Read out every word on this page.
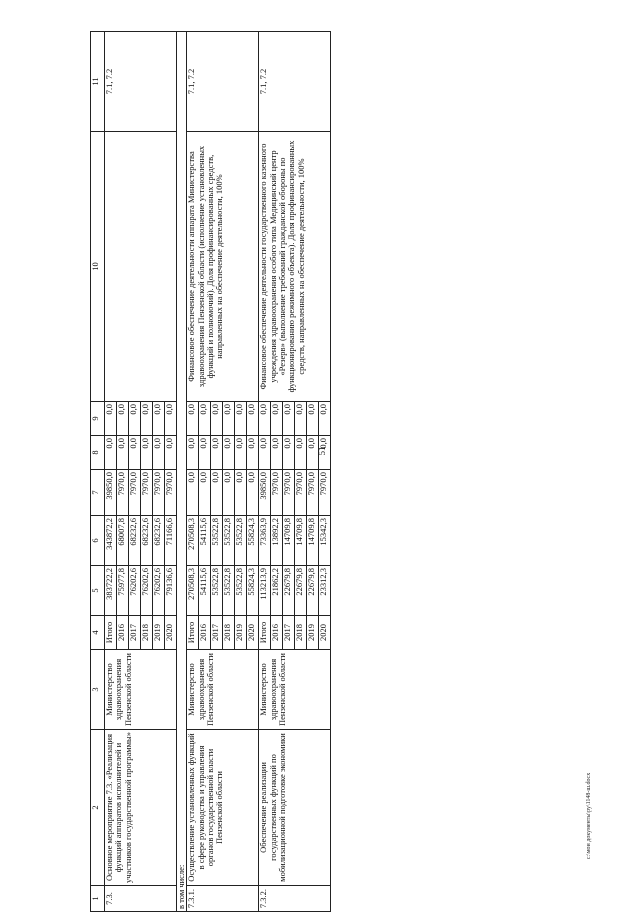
51
1	2	3	4	5	6	7	8	9	10	11
7.3.	Основное мероприятие 7.3. «Реализация функций аппаратов исполнителей и участников государственной программы»	Министерство здравоохранения Пензенской области	Итого	383722,2	343872,2	39850,0	0,0	0,0		7.1, 7.2
			2016	75977,8	68007,8	7970,0	0,0	0,0		
			2017	76202,6	68232,6	7970,0	0,0	0,0		
			2018	76202,6	68232,6	7970,0	0,0	0,0		
			2019	76202,6	68232,6	7970,0	0,0	0,0		
			2020	79136,6	71166,6	7970,0	0,0	0,0		
в том числе:										
7.3.1.	Осуществление установленных функций в сфере руководства и управления органов государственной власти Пензенской области	Министерство здравоохранения Пензенской области	Итого	270508,3	270508,3	0,0	0,0	0,0	Финансовое обеспечение деятельности аппарата Министерства здравоохранения Пензенской области (исполнение установленных функций и полномочий). Доля профинансированных средств, направленных на обеспечение деятельности, 100%	7.1, 7.2
			2016	54115,6	54115,6	0,0	0,0	0,0		
			2017	53522,8	53522,8	0,0	0,0	0,0		
			2018	53522,8	53522,8	0,0	0,0	0,0		
			2019	53522,8	53522,8	0,0	0,0	0,0		
			2020	55824,3	55824,3	0,0	0,0	0,0		
7.3.2.	Обеспечение реализации государственных функций по мобилизационной подготовке экономики	Министерство здравоохранения Пензенской области	Итого	113213,9	73363,9	39850,0	0,0	0,0	Финансовое обеспечение деятельности государственного казенного учреждения здравоохранения особого типа Медицинский центр «Резерв» (выполнение требований гражданской обороны по функционированию режимного объекта). Доля профинансированных средств, направленных на обеспечение деятельности, 100%	7.1, 7.2
			2016	21862,2	13892,2	7970,0	0,0	0,0		
			2017	22679,8	14709,8	7970,0	0,0	0,0		
			2018	22679,8	14709,8	7970,0	0,0	0,0		
			2019	22679,8	14709,8	7970,0	0,0	0,0		
			2020	23312,3	15342,3	7970,0	0,0	0,0		
c:\мои документы\ру\1148-ш.docx
